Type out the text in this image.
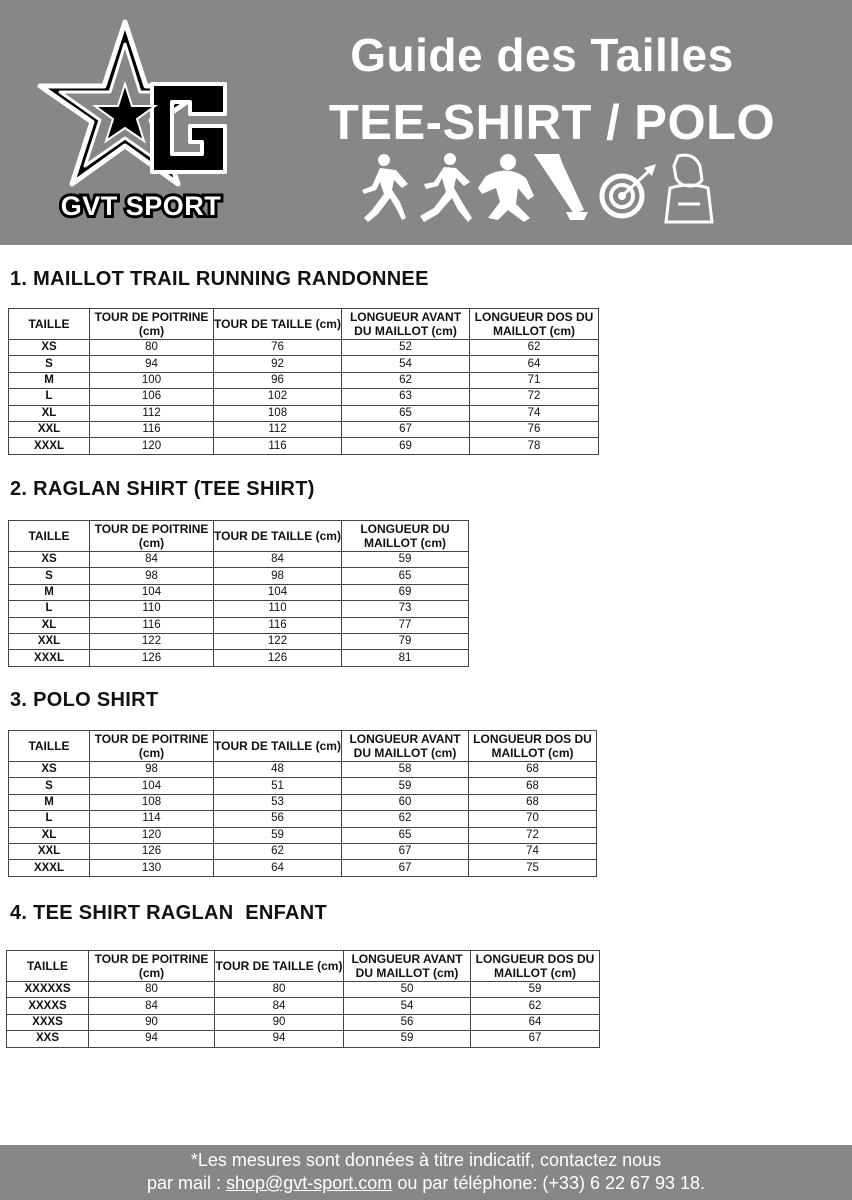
GVT SPORT
Guide des Tailles
TEE-SHIRT / POLO
1. MAILLOT TRAIL RUNNING RANDONNEE
TAILLE	TOUR DE POITRINE (cm)	TOUR DE TAILLE (cm)	LONGUEUR AVANT DU MAILLOT (cm)	LONGUEUR DOS DU MAILLOT (cm)
XS	80	76	52	62
S	94	92	54	64
M	100	96	62	71
L	106	102	63	72
XL	112	108	65	74
XXL	116	112	67	76
XXXL	120	116	69	78
2. RAGLAN SHIRT (TEE SHIRT)
TAILLE	TOUR DE POITRINE (cm)	TOUR DE TAILLE (cm)	LONGUEUR DU MAILLOT (cm)
XS	84	84	59
S	98	98	65
M	104	104	69
L	110	110	73
XL	116	116	77
XXL	122	122	79
XXXL	126	126	81
3. POLO SHIRT
TAILLE	TOUR DE POITRINE (cm)	TOUR DE TAILLE (cm)	LONGUEUR AVANT DU MAILLOT (cm)	LONGUEUR DOS DU MAILLOT (cm)
XS	98	48	58	68
S	104	51	59	68
M	108	53	60	68
L	114	56	62	70
XL	120	59	65	72
XXL	126	62	67	74
XXXL	130	64	67	75
4. TEE SHIRT RAGLAN  ENFANT
TAILLE	TOUR DE POITRINE (cm)	TOUR DE TAILLE (cm)	LONGUEUR AVANT DU MAILLOT (cm)	LONGUEUR DOS DU MAILLOT (cm)
XXXXXS	80	80	50	59
XXXXS	84	84	54	62
XXXS	90	90	56	64
XXS	94	94	59	67
*Les mesures sont données à titre indicatif, contactez nous
par mail : shop@gvt-sport.com ou par téléphone: (+33) 6 22 67 93 18.
